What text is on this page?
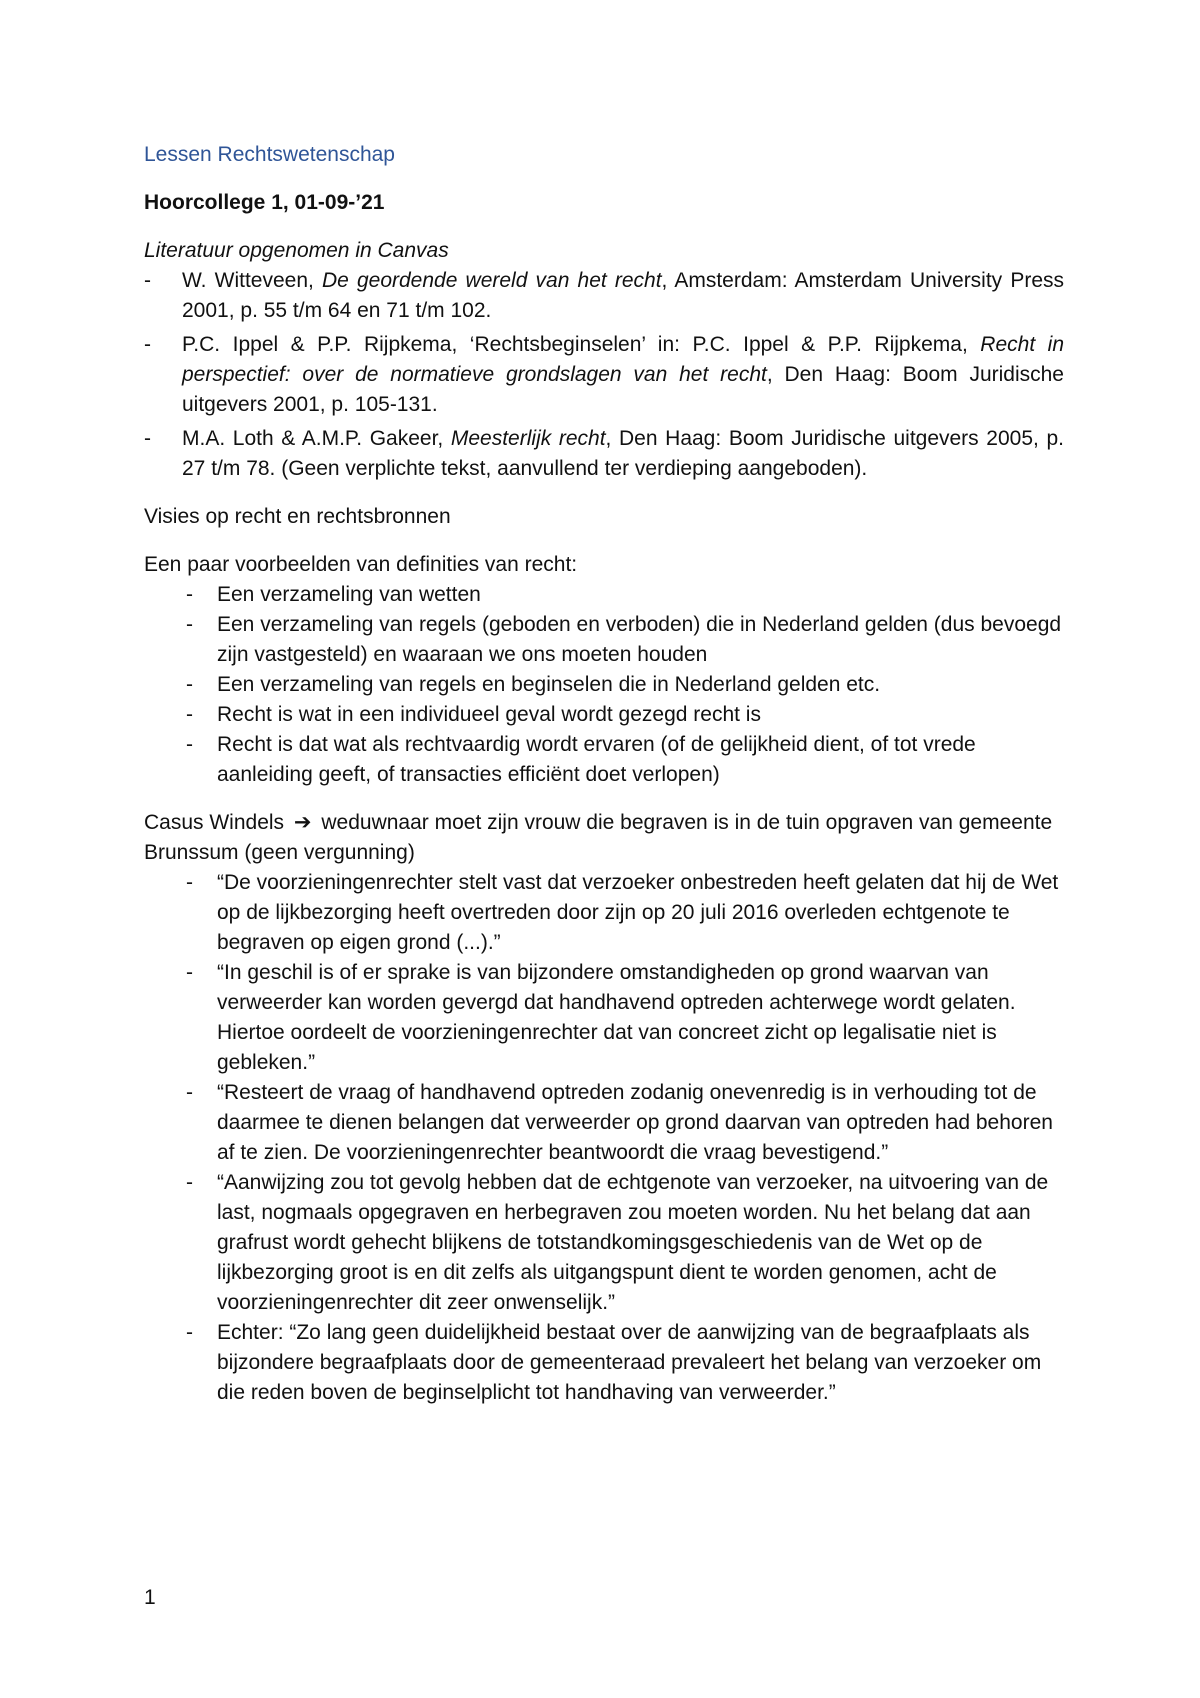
Lessen Rechtswetenschap
Hoorcollege 1, 01-09-’21
Literatuur opgenomen in Canvas
- W. Witteveen, De geordende wereld van het recht, Amsterdam: Amsterdam University Press 2001, p. 55 t/m 64 en 71 t/m 102.
- P.C. Ippel & P.P. Rijpkema, ‘Rechtsbeginselen’ in: P.C. Ippel & P.P. Rijpkema, Recht in perspectief: over de normatieve grondslagen van het recht, Den Haag: Boom Juridische uitgevers 2001, p. 105-131.
- M.A. Loth & A.M.P. Gakeer, Meesterlijk recht, Den Haag: Boom Juridische uitgevers 2005, p. 27 t/m 78. (Geen verplichte tekst, aanvullend ter verdieping aangeboden).
Visies op recht en rechtsbronnen
Een paar voorbeelden van definities van recht:
- Een verzameling van wetten
- Een verzameling van regels (geboden en verboden) die in Nederland gelden (dus bevoegd zijn vastgesteld) en waaraan we ons moeten houden
- Een verzameling van regels en beginselen die in Nederland gelden etc.
- Recht is wat in een individueel geval wordt gezegd recht is
- Recht is dat wat als rechtvaardig wordt ervaren (of de gelijkheid dient, of tot vrede aanleiding geeft, of transacties efficiënt doet verlopen)
Casus Windels ➔ weduwnaar moet zijn vrouw die begraven is in de tuin opgraven van gemeente Brunssum (geen vergunning)
- “De voorzieningenrechter stelt vast dat verzoeker onbestreden heeft gelaten dat hij de Wet op de lijkbezorging heeft overtreden door zijn op 20 juli 2016 overleden echtgenote te begraven op eigen grond (...).”
- “In geschil is of er sprake is van bijzondere omstandigheden op grond waarvan van verweerder kan worden gevergd dat handhavend optreden achterwege wordt gelaten. Hiertoe oordeelt de voorzieningenrechter dat van concreet zicht op legalisatie niet is gebleken.”
- “Resteert de vraag of handhavend optreden zodanig onevenredig is in verhouding tot de daarmee te dienen belangen dat verweerder op grond daarvan van optreden had behoren af te zien. De voorzieningenrechter beantwoordt die vraag bevestigend.”
- “Aanwijzing zou tot gevolg hebben dat de echtgenote van verzoeker, na uitvoering van de last, nogmaals opgegraven en herbegraven zou moeten worden. Nu het belang dat aan grafrust wordt gehecht blijkens de totstandkomingsgeschiedenis van de Wet op de lijkbezorging groot is en dit zelfs als uitgangspunt dient te worden genomen, acht de voorzieningenrechter dit zeer onwenselijk.”
- Echter: “Zo lang geen duidelijkheid bestaat over de aanwijzing van de begraafplaats als bijzondere begraafplaats door de gemeenteraad prevaleert het belang van verzoeker om die reden boven de beginselplicht tot handhaving van verweerder.”
1
